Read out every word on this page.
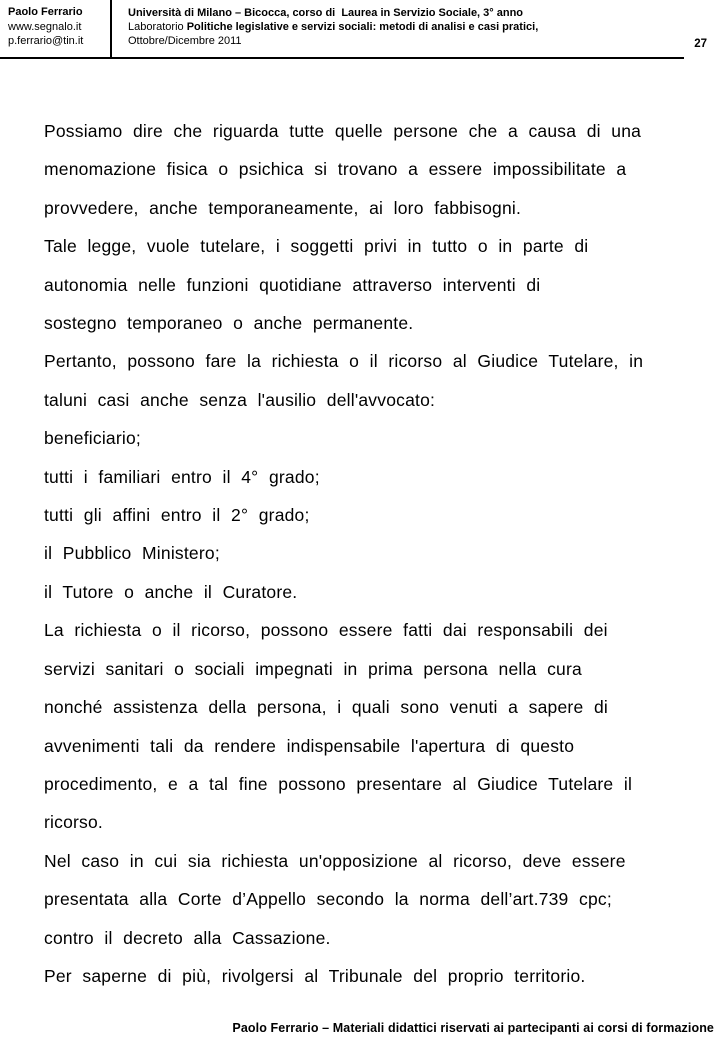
Paolo Ferrario
www.segnalo.it
p.ferrario@tin.it
Università di Milano – Bicocca, corso di  Laurea in Servizio Sociale, 3° anno
Laboratorio Politiche legislative e servizi sociali: metodi di analisi e casi pratici,
Ottobre/Dicembre 2011	27
Possiamo dire che riguarda tutte quelle persone che a causa di una
menomazione fisica o psichica si trovano a essere impossibilitate a
provvedere, anche temporaneamente, ai loro fabbisogni.
Tale legge, vuole tutelare, i soggetti privi in tutto o in parte di
autonomia nelle funzioni quotidiane attraverso interventi di
sostegno temporaneo o anche permanente.
Pertanto, possono fare la richiesta o il ricorso al Giudice Tutelare, in
taluni casi anche senza l'ausilio dell'avvocato:
beneficiario;
tutti i familiari entro il 4° grado;
tutti gli affini entro il 2° grado;
il Pubblico Ministero;
il Tutore o anche il Curatore.
La richiesta o il ricorso, possono essere fatti dai responsabili dei
servizi sanitari o sociali impegnati in prima persona nella cura
nonché assistenza della persona, i quali sono venuti a sapere di
avvenimenti tali da rendere indispensabile l'apertura di questo
procedimento, e a tal fine possono presentare al Giudice Tutelare il
ricorso.
Nel caso in cui sia richiesta un'opposizione al ricorso, deve essere
presentata alla Corte d’Appello secondo la norma dell’art.739 cpc;
contro il decreto alla Cassazione.
Per saperne di più, rivolgersi al Tribunale del proprio territorio.
Paolo Ferrario – Materiali didattici riservati ai partecipanti ai corsi di formazione
